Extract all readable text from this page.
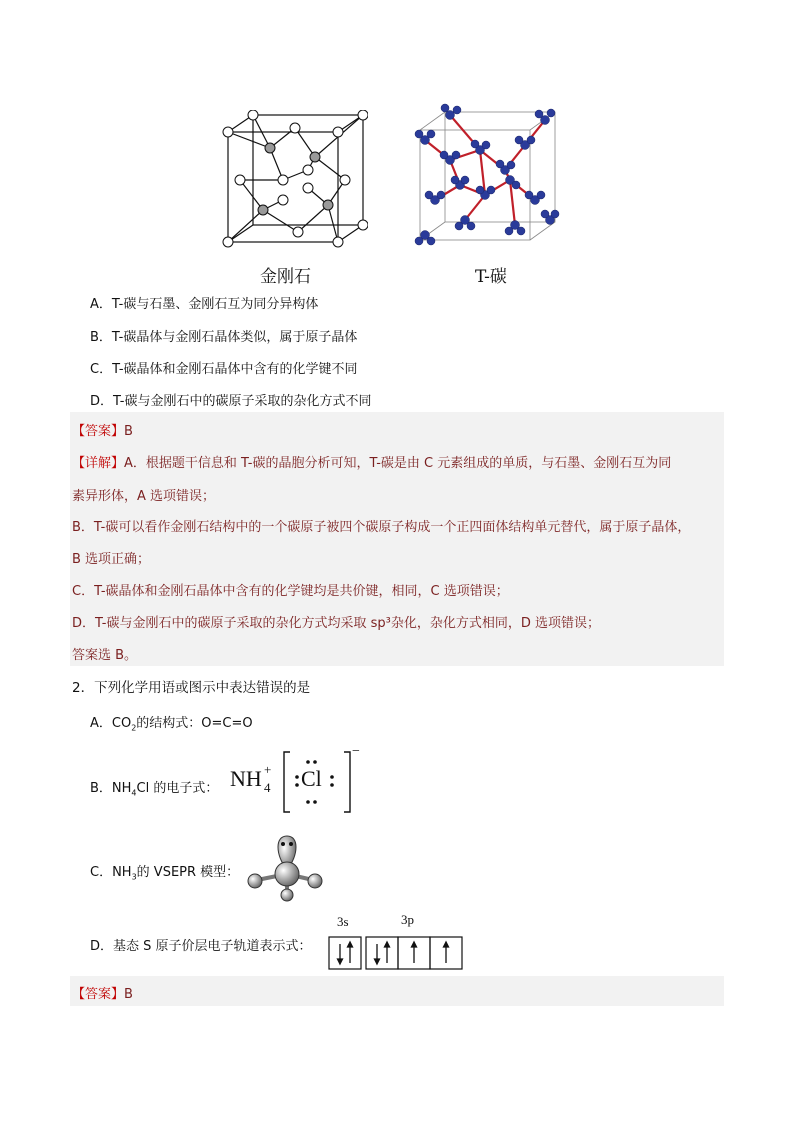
金刚石	T-碳
A．T-碳与石墨、金刚石互为同分异构体
B．T-碳晶体与金刚石晶体类似，属于原子晶体
C．T-碳晶体和金刚石晶体中含有的化学键不同
D．T-碳与金刚石中的碳原子采取的杂化方式不同
【答案】B
【详解】A．根据题干信息和 T-碳的晶胞分析可知，T-碳是由 C 元素组成的单质，与石墨、金刚石互为同
素异形体，A 选项错误；
B．T-碳可以看作金刚石结构中的一个碳原子被四个碳原子构成一个正四面体结构单元替代，属于原子晶体，
B 选项正确；
C．T-碳晶体和金刚石晶体中含有的化学键均是共价键，相同，C 选项错误；
D．T-碳与金刚石中的碳原子采取的杂化方式均采取 sp³杂化，杂化方式相同，D 选项错误；
答案选 B。
2．下列化学用语或图示中表达错误的是
A．$CO_2$的结构式：O=C=O
B．$NH_4Cl$ 的电子式： NH +
4 Cl
−
C．$NH_3$的 VSEPR 模型：
D．基态 S 原子价层电子轨道表示式：
3s	3p
【答案】B
